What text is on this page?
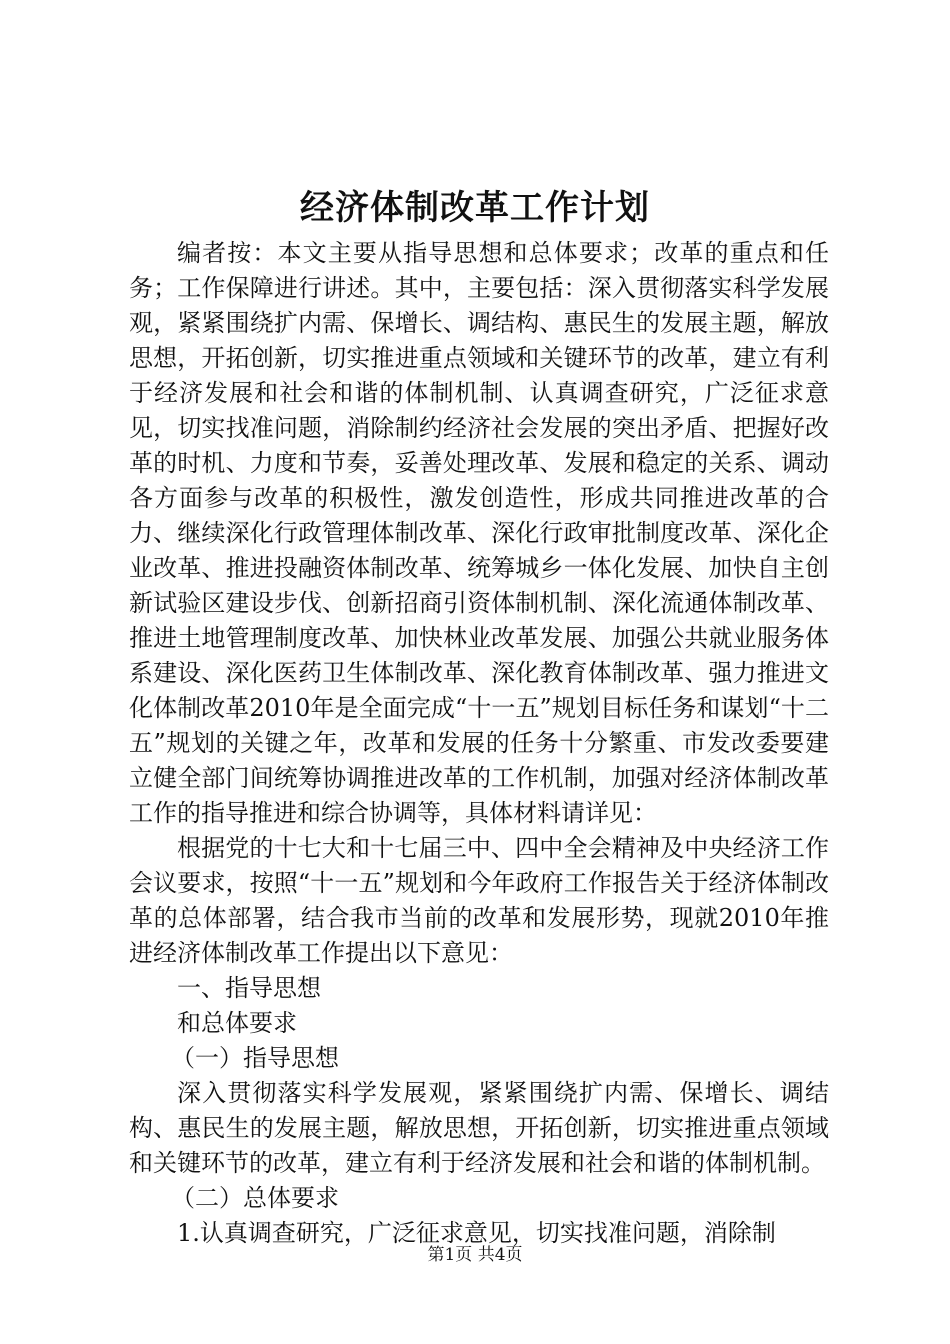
经济体制改革工作计划

编者按：本文主要从指导思想和总体要求；改革的重点和任务；工作保障进行讲述。其中，主要包括：深入贯彻落实科学发展观，紧紧围绕扩内需、保增长、调结构、惠民生的发展主题，解放思想，开拓创新，切实推进重点领域和关键环节的改革，建立有利于经济发展和社会和谐的体制机制、认真调查研究，广泛征求意见，切实找准问题，消除制约经济社会发展的突出矛盾、把握好改革的时机、力度和节奏，妥善处理改革、发展和稳定的关系、调动各方面参与改革的积极性，激发创造性，形成共同推进改革的合力、继续深化行政管理体制改革、深化行政审批制度改革、深化企业改革、推进投融资体制改革、统筹城乡一体化发展、加快自主创新试验区建设步伐、创新招商引资体制机制、深化流通体制改革、推进土地管理制度改革、加快林业改革发展、加强公共就业服务体系建设、深化医药卫生体制改革、深化教育体制改革、强力推进文化体制改革2010年是全面完成“十一五”规划目标任务和谋划“十二五”规划的关键之年，改革和发展的任务十分繁重、市发改委要建立健全部门间统筹协调推进改革的工作机制，加强对经济体制改革工作的指导推进和综合协调等，具体材料请详见：

根据党的十七大和十七届三中、四中全会精神及中央经济工作会议要求，按照“十一五”规划和今年政府工作报告关于经济体制改革的总体部署，结合我市当前的改革和发展形势，现就2010年推进经济体制改革工作提出以下意见：

一、指导思想

和总体要求

（一）指导思想

深入贯彻落实科学发展观，紧紧围绕扩内需、保增长、调结构、惠民生的发展主题，解放思想，开拓创新，切实推进重点领域和关键环节的改革，建立有利于经济发展和社会和谐的体制机制。

（二）总体要求

1.认真调查研究，广泛征求意见，切实找准问题，消除制

第1页 共4页
